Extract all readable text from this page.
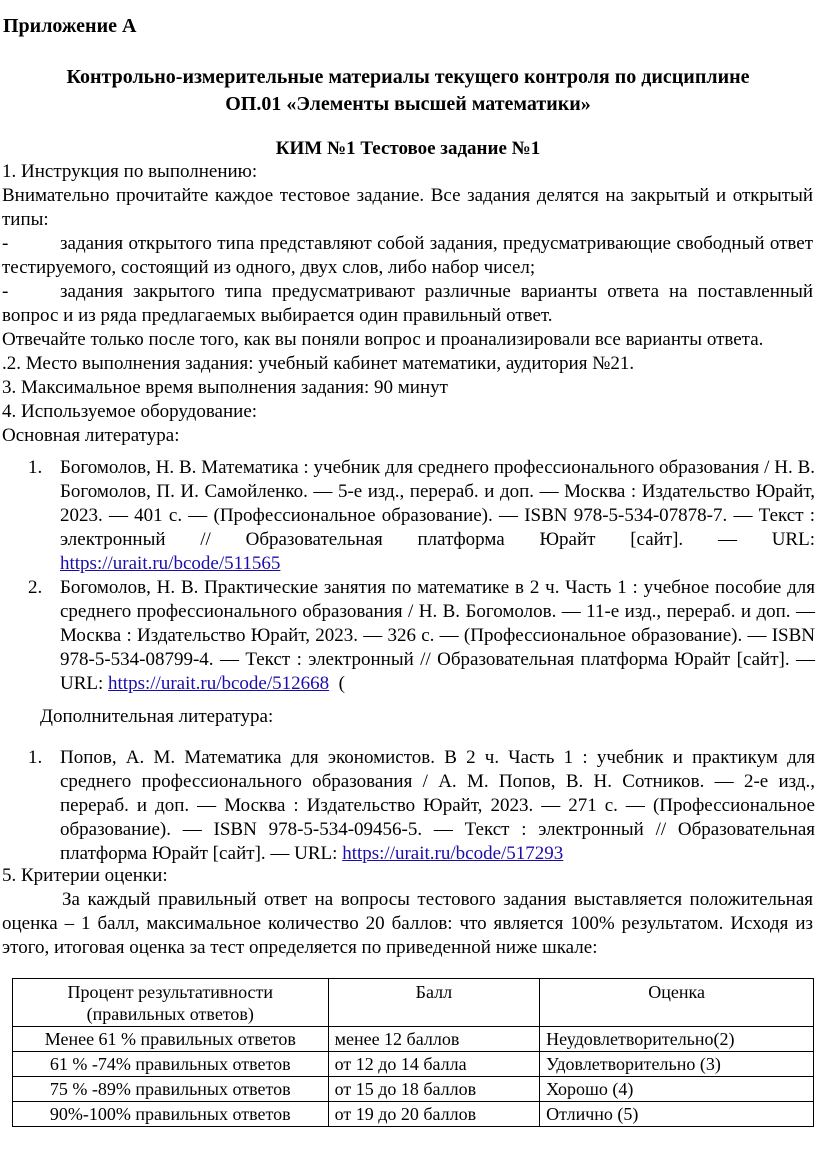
Приложение А
Контрольно-измерительные материалы текущего контроля по дисциплине
ОП.01 «Элементы высшей математики»
КИМ №1 Тестовое задание №1
1. Инструкция по выполнению:
Внимательно прочитайте каждое тестовое задание. Все задания делятся на закрытый и открытый типы:
-	задания открытого типа представляют собой задания, предусматривающие свободный ответ тестируемого, состоящий из одного, двух слов, либо набор чисел;
-	задания закрытого типа предусматривают различные варианты ответа на поставленный вопрос и из ряда предлагаемых выбирается один правильный ответ.
Отвечайте только после того, как вы поняли вопрос и проанализировали все варианты ответа.
.2. Место выполнения задания: учебный кабинет математики, аудитория №21.
3. Максимальное время выполнения задания: 90 минут
4. Используемое оборудование:
Основная литература:
1. Богомолов, Н. В. Математика : учебник для среднего профессионального образования / Н. В. Богомолов, П. И. Самойленко. — 5-е изд., перераб. и доп. — Москва : Издательство Юрайт, 2023. — 401 с. — (Профессиональное образование). — ISBN 978-5-534-07878-7. — Текст : электронный // Образовательная платформа Юрайт [сайт]. — URL: https://urait.ru/bcode/511565
2. Богомолов, Н. В. Практические занятия по математике в 2 ч. Часть 1 : учебное пособие для среднего профессионального образования / Н. В. Богомолов. — 11-е изд., перераб. и доп. — Москва : Издательство Юрайт, 2023. — 326 с. — (Профессиональное образование). — ISBN 978-5-534-08799-4. — Текст : электронный // Образовательная платформа Юрайт [сайт]. — URL: https://urait.ru/bcode/512668  (
Дополнительная литература:
1. Попов, А. М. Математика для экономистов. В 2 ч. Часть 1 : учебник и практикум для среднего профессионального образования / А. М. Попов, В. Н. Сотников. — 2-е изд., перераб. и доп. — Москва : Издательство Юрайт, 2023. — 271 с. — (Профессиональное образование). — ISBN 978-5-534-09456-5. — Текст : электронный // Образовательная платформа Юрайт [сайт]. — URL: https://urait.ru/bcode/517293
5. Критерии оценки:
За каждый правильный ответ на вопросы тестового задания выставляется положительная оценка – 1 балл, максимальное количество 20 баллов: что является 100% результатом. Исходя из этого, итоговая оценка за тест определяется по приведенной ниже шкале:
Процент результативности (правильных ответов)	Балл	Оценка
Менее 61 % правильных ответов	менее 12 баллов	Неудовлетворительно(2)
61 % -74% правильных ответов	от 12 до 14 балла	Удовлетворительно (3)
75 % -89% правильных ответов	от 15 до 18 баллов	Хорошо (4)
90%-100% правильных ответов	от 19 до 20 баллов	Отлично (5)
